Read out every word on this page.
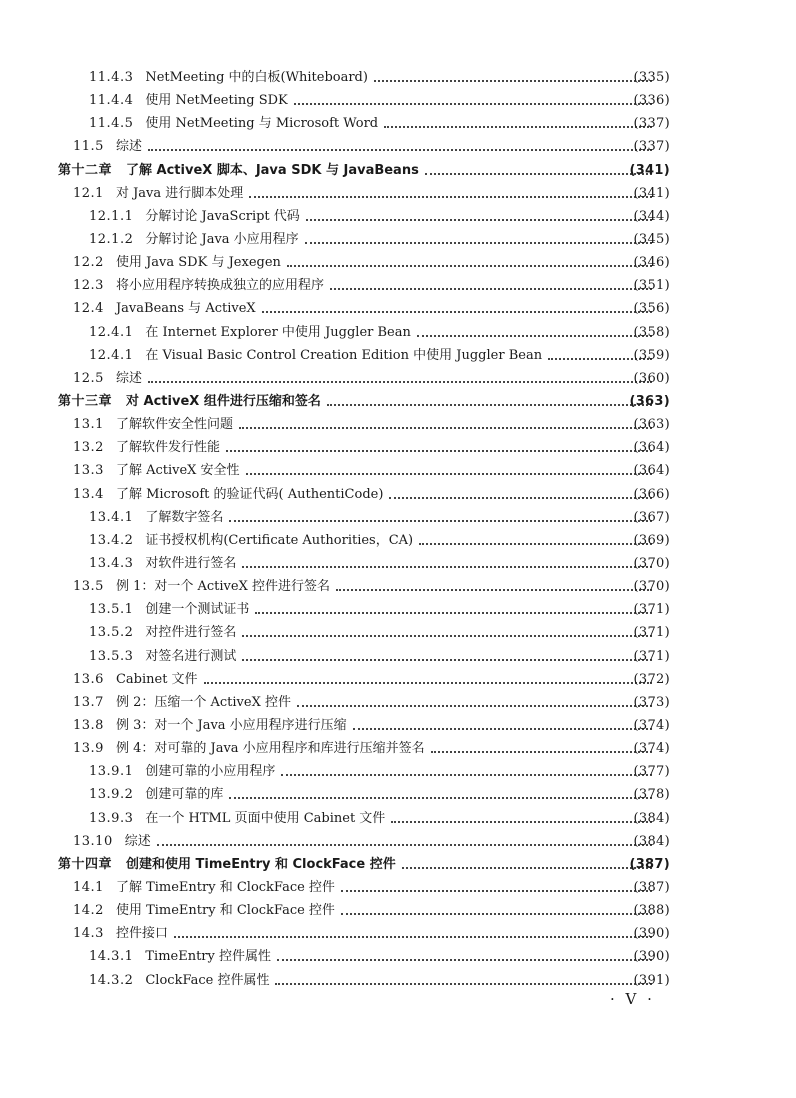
11.4.3 NetMeeting 中的白板(Whiteboard)	(335)
11.4.4 使用 NetMeeting SDK	(336)
11.4.5 使用 NetMeeting 与 Microsoft Word	(337)
11.5 综述	(337)
第十二章 了解 ActiveX 脚本、Java SDK 与 JavaBeans	(341)
12.1 对 Java 进行脚本处理	(341)
12.1.1 分解讨论 JavaScript 代码	(344)
12.1.2 分解讨论 Java 小应用程序	(345)
12.2 使用 Java SDK 与 Jexegen	(346)
12.3 将小应用程序转换成独立的应用程序	(351)
12.4 JavaBeans 与 ActiveX	(356)
12.4.1 在 Internet Explorer 中使用 Juggler Bean	(358)
12.4.1 在 Visual Basic Control Creation Edition 中使用 Juggler Bean	(359)
12.5 综述	(360)
第十三章 对 ActiveX 组件进行压缩和签名	(363)
13.1 了解软件安全性问题	(363)
13.2 了解软件发行性能	(364)
13.3 了解 ActiveX 安全性	(364)
13.4 了解 Microsoft 的验证代码( AuthentiCode)	(366)
13.4.1 了解数字签名	(367)
13.4.2 证书授权机构(Certificate Authorities，CA)	(369)
13.4.3 对软件进行签名	(370)
13.5 例 1：对一个 ActiveX 控件进行签名	(370)
13.5.1 创建一个测试证书	(371)
13.5.2 对控件进行签名	(371)
13.5.3 对签名进行测试	(371)
13.6 Cabinet 文件	(372)
13.7 例 2：压缩一个 ActiveX 控件	(373)
13.8 例 3：对一个 Java 小应用程序进行压缩	(374)
13.9 例 4：对可靠的 Java 小应用程序和库进行压缩并签名	(374)
13.9.1 创建可靠的小应用程序	(377)
13.9.2 创建可靠的库	(378)
13.9.3 在一个 HTML 页面中使用 Cabinet 文件	(384)
13.10 综述	(384)
第十四章 创建和使用 TimeEntry 和 ClockFace 控件	(387)
14.1 了解 TimeEntry 和 ClockFace 控件	(387)
14.2 使用 TimeEntry 和 ClockFace 控件	(388)
14.3 控件接口	(390)
14.3.1 TimeEntry 控件属性	(390)
14.3.2 ClockFace 控件属性	(391)
· V ·
